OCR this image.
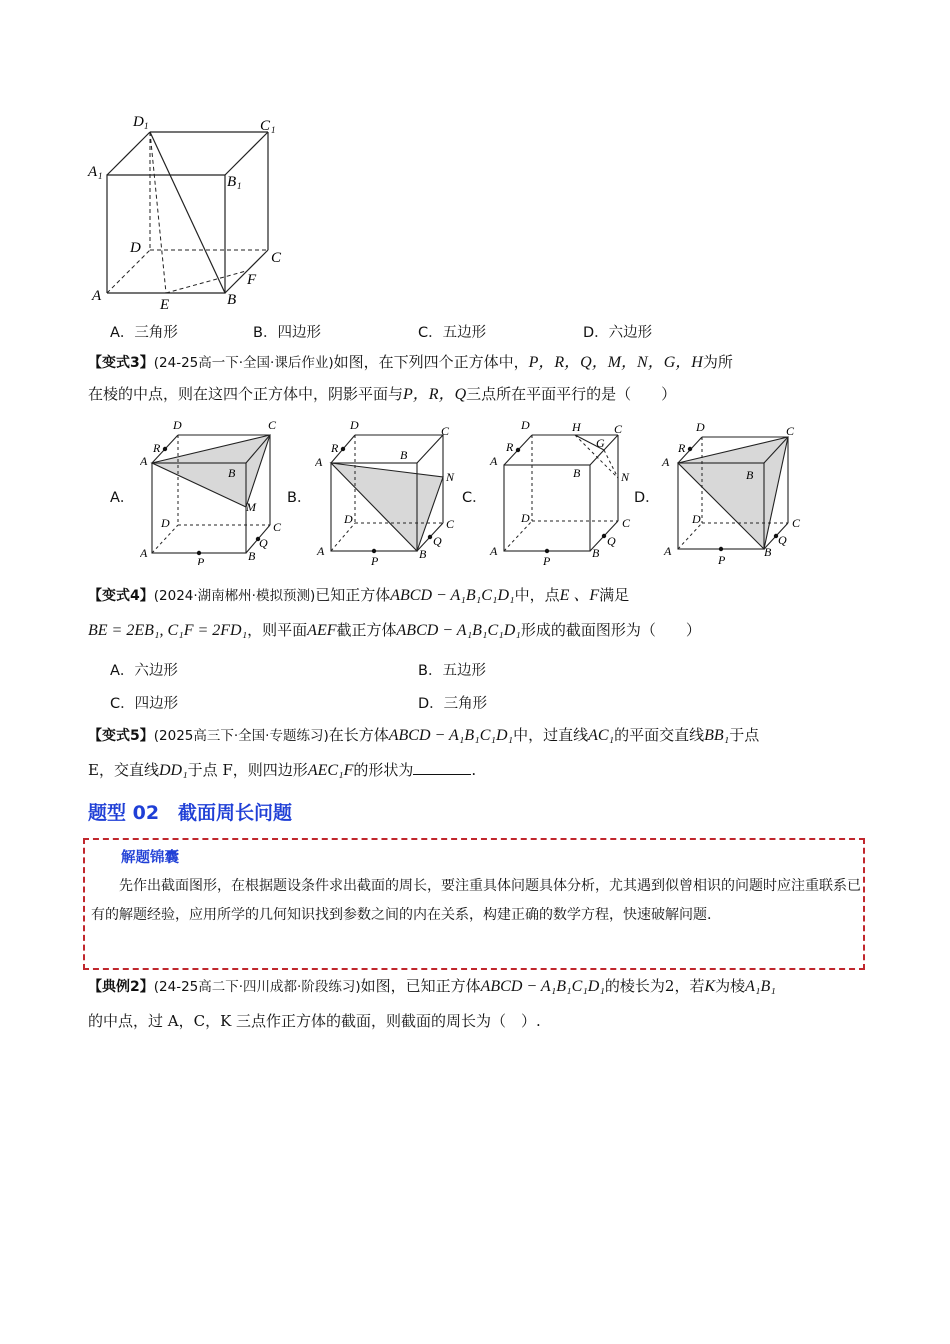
D 1	C 1
A 1	B 1
D
C
A	B
E
F
A．三角形	B．四边形	C．五边形	D．六边形
【变式3】(24-25高一下·全国·课后作业)如图，在下列四个正方体中，P，R，Q，M，N，G，H为所
在棱的中点，则在这四个正方体中，阴影平面与P，R，Q三点所在平面平行的是（　　）
A．
D	C
R
A
B
M
D	C
A
P	B
Q
B．
D	C
R
A	B
N
D	C
A
P	B
Q
C．
D	H
G
C
R
A
B	N
D	C
A
P
B
Q
D．
D	C
R
A
B
D	C
A
P
B
Q
【变式4】(2024·湖南郴州·模拟预测)已知正方体ABCD − A₁B₁C₁D₁中，点E 、F满足
BE = 2EB₁, C₁F = 2FD₁，则平面AEF截正方体ABCD − A₁B₁C₁D₁形成的截面图形为（　　）
A．六边形	B．五边形
C．四边形	D．三角形
【变式5】(2025高三下·全国·专题练习)在长方体ABCD − A₁B₁C₁D₁中，过直线AC₁的平面交直线BB₁于点
E，交直线DD₁于点 F，则四边形AEC₁F的形状为	.
题型 02　截面周长问题
解题锦囊
先作出截面图形，在根据题设条件求出截面的周长，要注重具体问题具体分析，尤其遇到似曾相识的问题时应注重联系已有的解题经验，应用所学的几何知识找到参数之间的内在关系，构建正确的数学方程，快速破解问题.
【典例2】(24-25高二下·四川成都·阶段练习)如图，已知正方体ABCD − A₁B₁C₁D₁的棱长为2，若K为棱A₁B₁
的中点，过 A，C，K 三点作正方体的截面，则截面的周长为（　）.
